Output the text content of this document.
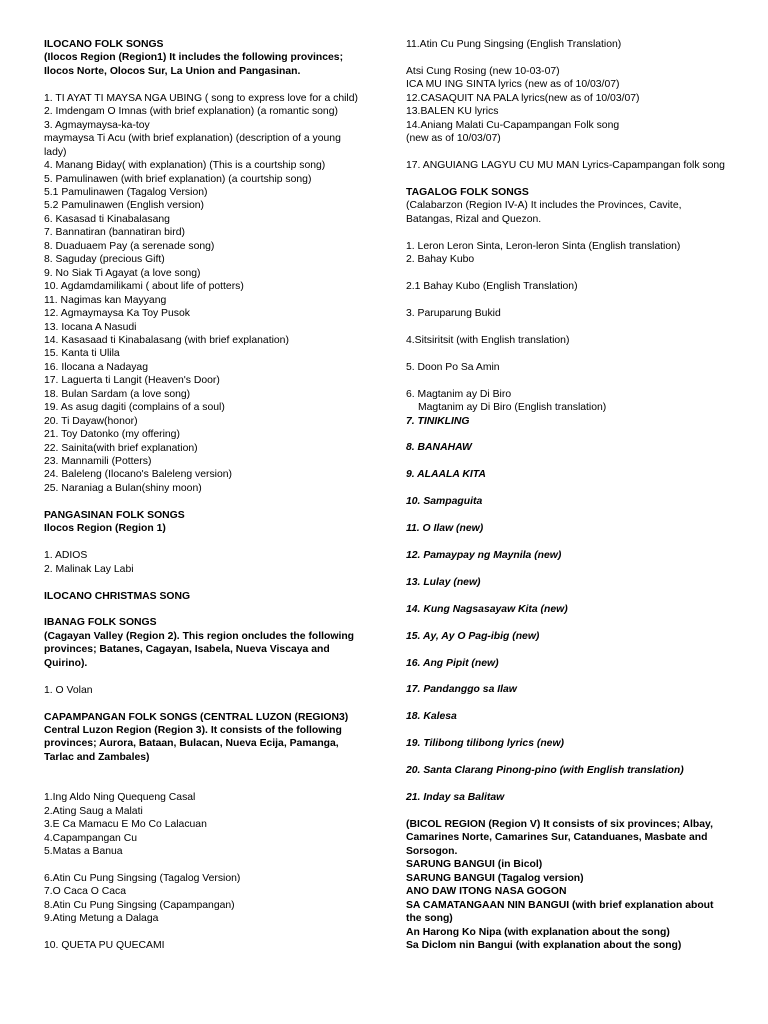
ILOCANO FOLK SONGS
(Ilocos Region (Region1) It includes the following provinces; Ilocos Norte, Olocos Sur, La Union and Pangasinan.
1. TI AYAT TI MAYSA NGA UBING ( song to express love for a child)
2. Imdengam O Imnas (with brief explanation) (a romantic song)
3. Agmaymaysa-ka-toy
maymaysa Ti Acu (with brief explanation) (description of a young lady)
4. Manang Biday( with explanation) (This is a courtship song)
5. Pamulinawen (with brief explanation) (a courtship song)
5.1 Pamulinawen (Tagalog Version)
5.2 Pamulinawen (English version)
6. Kasasad ti Kinabalasang
7. Bannatiran (bannatiran bird)
8. Duaduaem Pay (a serenade song)
8. Saguday (precious Gift)
9. No Siak Ti Agayat (a love song)
10. Agdamdamilikami ( about life of potters)
11. Nagimas kan Mayyang
12. Agmaymaysa Ka Toy Pusok
13. Iocana A Nasudi
14. Kasasaad ti Kinabalasang (with brief explanation)
15. Kanta ti Ulila
16. Ilocana a Nadayag
17. Laguerta ti Langit (Heaven's Door)
18. Bulan Sardam (a love song)
19. As asug dagiti (complains of a soul)
20. Ti Dayaw(honor)
21. Toy Datonko (my offering)
22. Sainita(with brief explanation)
23. Mannamili (Potters)
24. Baleleng (Ilocano's Baleleng version)
25. Naraniag a Bulan(shiny moon)
PANGASINAN FOLK SONGS
Ilocos Region (Region 1)
1. ADIOS
2. Malinak Lay Labi
ILOCANO CHRISTMAS SONG
IBANAG FOLK SONGS
(Cagayan Valley (Region 2). This region oncludes the following provinces; Batanes, Cagayan, Isabela, Nueva Viscaya and Quirino).
1. O Volan
CAPAMPANGAN FOLK SONGS (CENTRAL LUZON (REGION3)
Central Luzon Region (Region 3). It consists of the following provinces; Aurora, Bataan, Bulacan, Nueva Ecija, Pamanga, Tarlac and Zambales)
1.Ing Aldo Ning Quequeng Casal
2.Ating Saug a Malati
3.E Ca Mamacu E Mo Co Lalacuan
4.Capampangan Cu
5.Matas a Banua
6.Atin Cu Pung Singsing (Tagalog Version)
7.O Caca O Caca
8.Atin Cu Pung Singsing (Capampangan)
9.Ating Metung a Dalaga
10. QUETA PU QUECAMI
11.Atin Cu Pung Singsing (English Translation)
Atsi Cung Rosing (new 10-03-07)
ICA MU ING SINTA lyrics (new as of 10/03/07)
12.CASAQUIT NA PALA lyrics(new as of 10/03/07)
13.BALEN KU lyrics
14.Aniang Malati Cu-Capampangan Folk song
(new as of 10/03/07)
17. ANGUIANG LAGYU CU MU MAN Lyrics-Capampangan folk song
TAGALOG FOLK SONGS
(Calabarzon (Region IV-A) It includes the Provinces, Cavite, Batangas, Rizal and Quezon.
1. Leron Leron Sinta, Leron-leron Sinta (English translation)
2. Bahay Kubo
2.1 Bahay Kubo (English Translation)
3. Paruparung Bukid
4.Sitsiritsit (with English translation)
5. Doon Po Sa Amin
6. Magtanim ay Di Biro
Magtanim ay Di Biro (English translation)
7. TINIKLING
8. BANAHAW
9. ALAALA KITA
10. Sampaguita
11. O Ilaw (new)
12. Pamaypay ng Maynila (new)
13. Lulay (new)
14. Kung Nagsasayaw Kita (new)
15. Ay, Ay O Pag-ibig (new)
16. Ang Pipit (new)
17. Pandanggo sa Ilaw
18. Kalesa
19. Tilibong tilibong lyrics (new)
20. Santa Clarang Pinong-pino (with English translation)
21. Inday sa Balitaw
(BICOL REGION (Region V) It consists of six provinces; Albay, Camarines Norte, Camarines Sur, Catanduanes, Masbate and Sorsogon.
SARUNG BANGUI (in Bicol)
SARUNG BANGUI (Tagalog version)
ANO DAW ITONG NASA GOGON
SA CAMATANGAAN NIN BANGUI (with brief explanation about the song)
An Harong Ko Nipa (with explanation about the song)
Sa Diclom nin Bangui (with explanation about the song)
